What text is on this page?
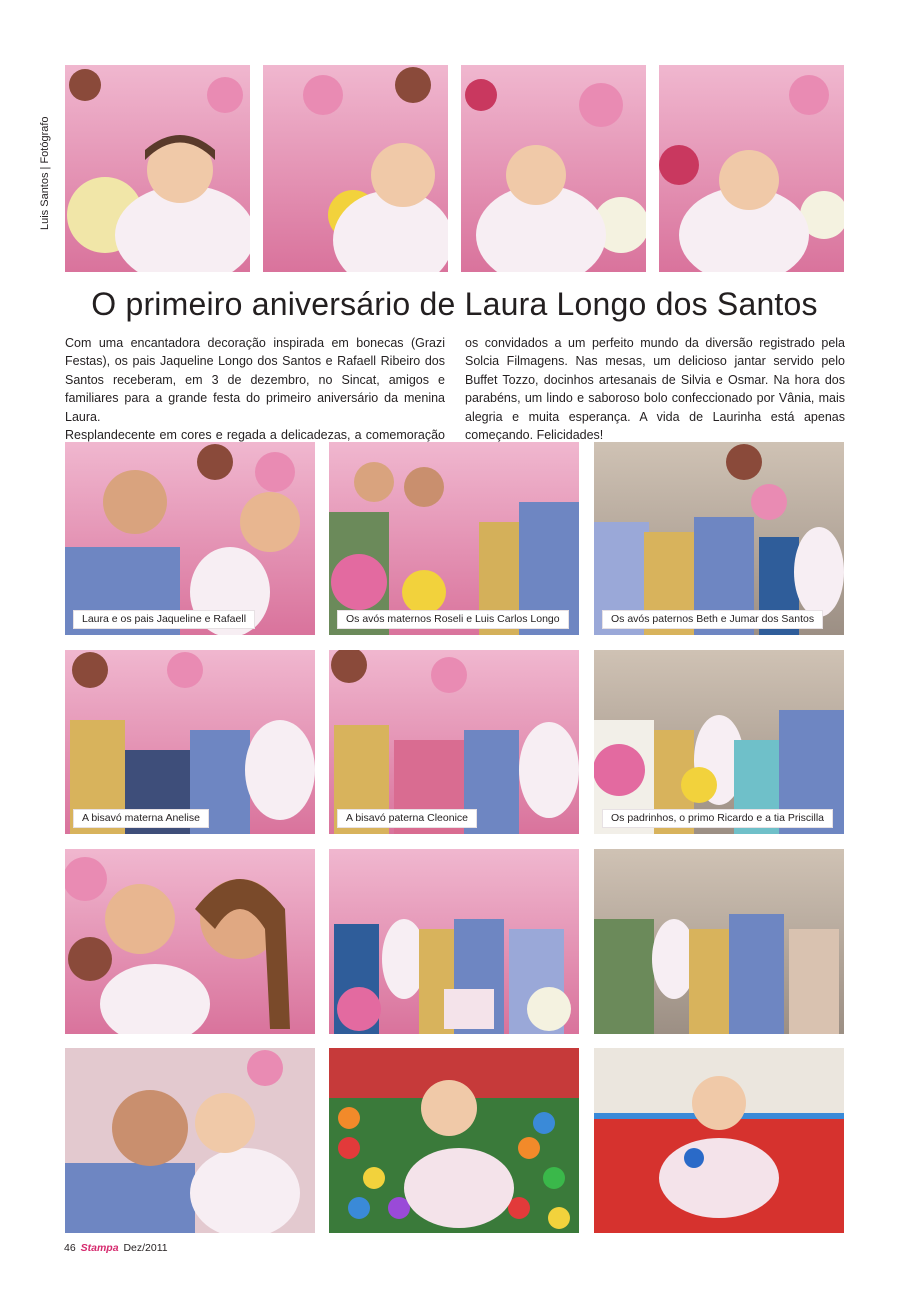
Luis Santos | Fotógrafo
O primeiro aniversário de Laura Longo dos Santos

Com uma encantadora decoração inspirada em bonecas (Grazi Festas), os pais Jaqueline Longo dos Santos e Rafaell Ribeiro dos Santos receberam, em 3 de dezembro, no Sincat, amigos e familiares para a grande festa do primeiro aniversário da menina Laura.

Resplandecente em cores e regada a delicadezas, a comemoração

os convidados a um perfeito mundo da diversão registrado pela Solcia Filmagens. Nas mesas, um delicioso jantar servido pelo Buffet Tozzo, docinhos artesanais de Silvia e Osmar. Na hora dos parabéns, um lindo e saboroso bolo confeccionado por Vânia, mais alegria e muita esperança. A vida de Laurinha está apenas começando. Felicidades!

Laura e os pais Jaqueline e Rafaell	Os avós maternos Roseli e Luis Carlos Longo	Os avós paternos Beth e Jumar dos Santos
A bisavó materna Anelise	A bisavó paterna Cleonice	Os padrinhos, o primo Ricardo e a tia Priscilla
46 Stampa Dez/2011
